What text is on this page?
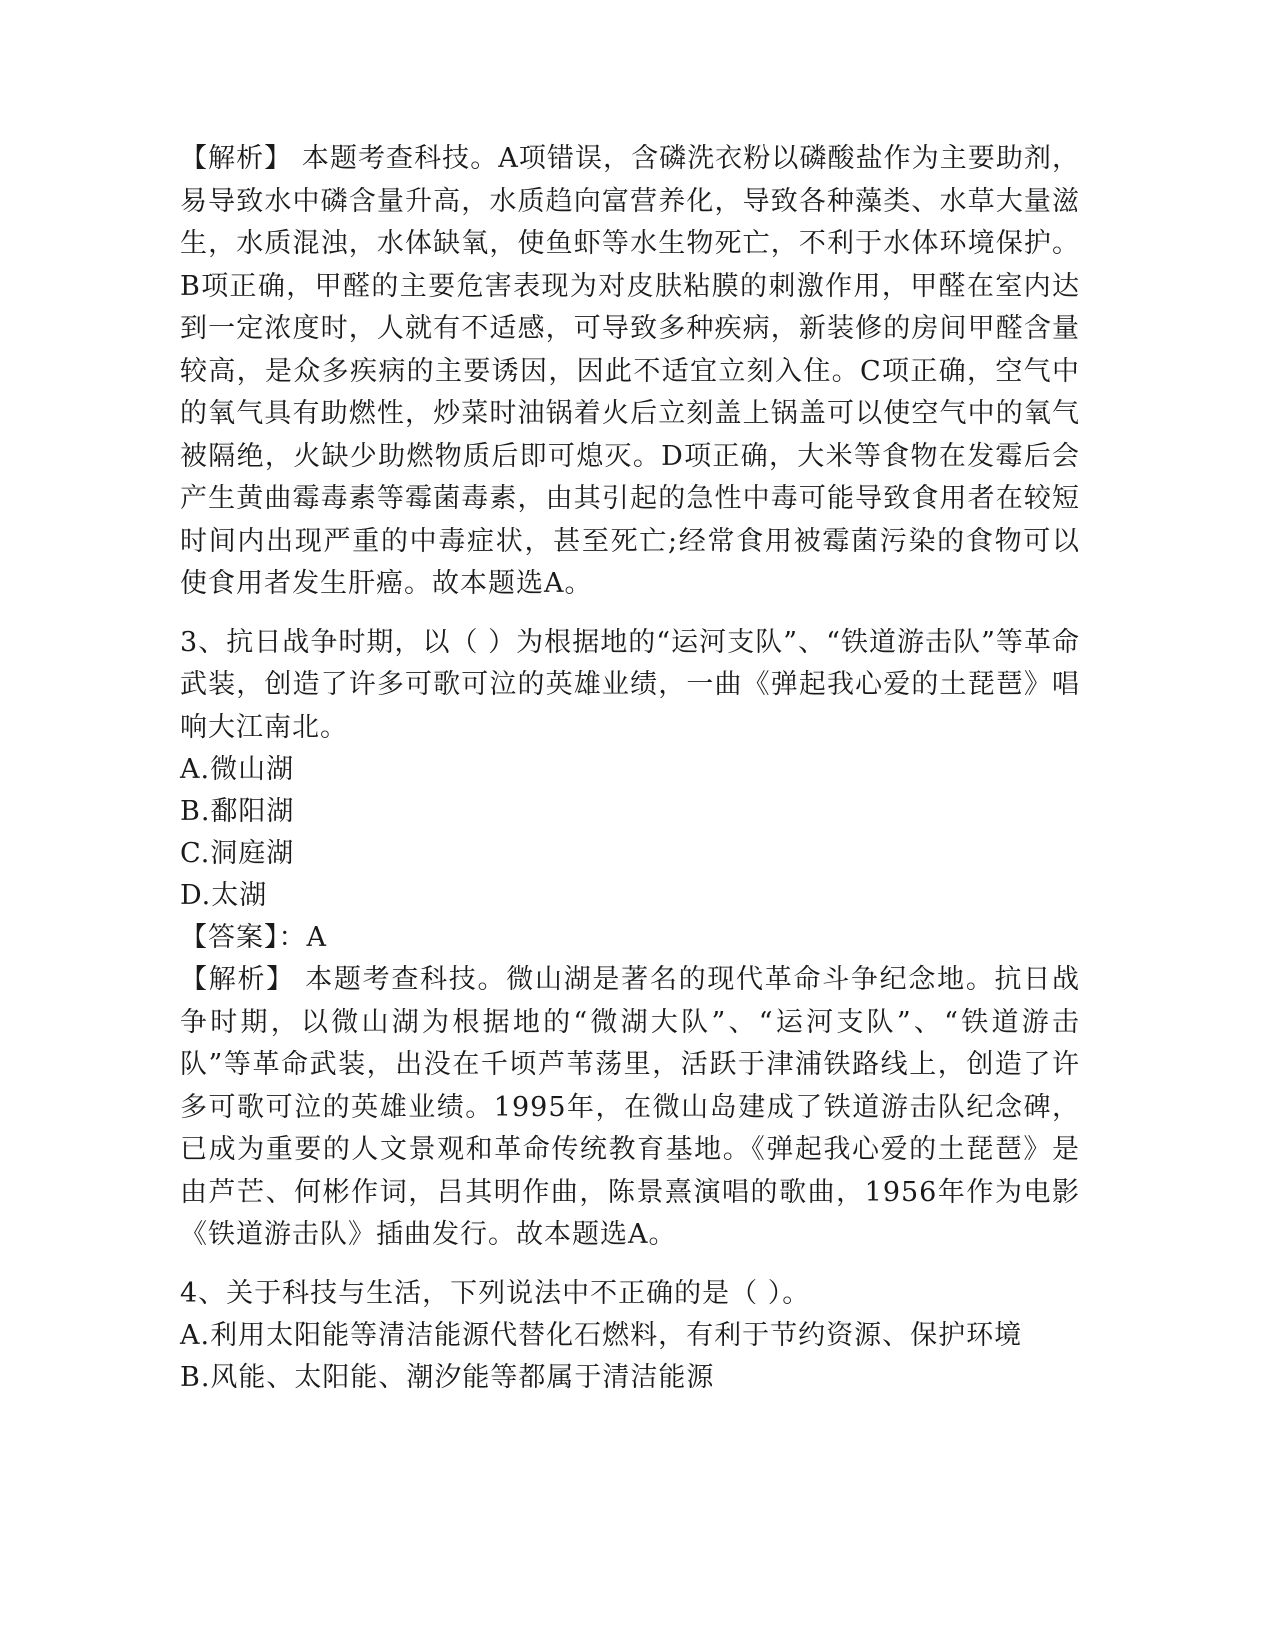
【解析】 本题考查科技。A项错误，含磷洗衣粉以磷酸盐作为主要助剂，易导致水中磷含量升高，水质趋向富营养化，导致各种藻类、水草大量滋生，水质混浊，水体缺氧，使鱼虾等水生物死亡，不利于水体环境保护。B项正确，甲醛的主要危害表现为对皮肤粘膜的刺激作用，甲醛在室内达到一定浓度时，人就有不适感，可导致多种疾病，新装修的房间甲醛含量较高，是众多疾病的主要诱因，因此不适宜立刻入住。C项正确，空气中的氧气具有助燃性，炒菜时油锅着火后立刻盖上锅盖可以使空气中的氧气被隔绝，火缺少助燃物质后即可熄灭。D项正确，大米等食物在发霉后会产生黄曲霉毒素等霉菌毒素，由其引起的急性中毒可能导致食用者在较短时间内出现严重的中毒症状，甚至死亡;经常食用被霉菌污染的食物可以使食用者发生肝癌。故本题选A。

3、抗日战争时期，以（ ）为根据地的“运河支队”、“铁道游击队”等革命武装，创造了许多可歌可泣的英雄业绩，一曲《弹起我心爱的土琵琶》唱响大江南北。

A.微山湖

B.鄱阳湖

C.洞庭湖

D.太湖

【答案】：A

【解析】 本题考查科技。微山湖是著名的现代革命斗争纪念地。抗日战争时期，以微山湖为根据地的“微湖大队”、“运河支队”、“铁道游击队”等革命武装，出没在千顷芦苇荡里，活跃于津浦铁路线上，创造了许多可歌可泣的英雄业绩。1995年，在微山岛建成了铁道游击队纪念碑，已成为重要的人文景观和革命传统教育基地。《弹起我心爱的土琵琶》是由芦芒、何彬作词，吕其明作曲，陈景熹演唱的歌曲，1956年作为电影《铁道游击队》插曲发行。故本题选A。

4、关于科技与生活，下列说法中不正确的是（ ）。

A.利用太阳能等清洁能源代替化石燃料，有利于节约资源、保护环境

B.风能、太阳能、潮汐能等都属于清洁能源
